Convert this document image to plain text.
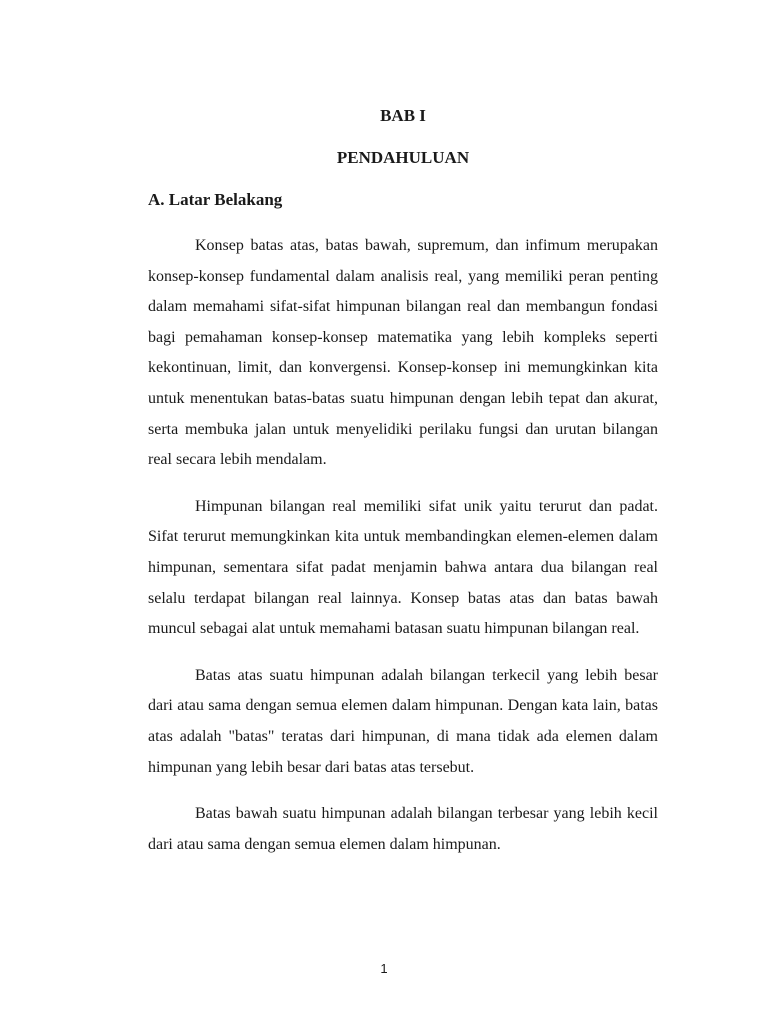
BAB I
PENDAHULUAN
A. Latar Belakang

Konsep batas atas, batas bawah, supremum, dan infimum merupakan konsep-konsep fundamental dalam analisis real, yang memiliki peran penting dalam memahami sifat-sifat himpunan bilangan real dan membangun fondasi bagi pemahaman konsep-konsep matematika yang lebih kompleks seperti kekontinuan, limit, dan konvergensi. Konsep-konsep ini memungkinkan kita untuk menentukan batas-batas suatu himpunan dengan lebih tepat dan akurat, serta membuka jalan untuk menyelidiki perilaku fungsi dan urutan bilangan real secara lebih mendalam.

Himpunan bilangan real memiliki sifat unik yaitu terurut dan padat. Sifat terurut memungkinkan kita untuk membandingkan elemen-elemen dalam himpunan, sementara sifat padat menjamin bahwa antara dua bilangan real selalu terdapat bilangan real lainnya. Konsep batas atas dan batas bawah muncul sebagai alat untuk memahami batasan suatu himpunan bilangan real.

Batas atas suatu himpunan adalah bilangan terkecil yang lebih besar dari atau sama dengan semua elemen dalam himpunan. Dengan kata lain, batas atas adalah "batas" teratas dari himpunan, di mana tidak ada elemen dalam himpunan yang lebih besar dari batas atas tersebut.

Batas bawah suatu himpunan adalah bilangan terbesar yang lebih kecil dari atau sama dengan semua elemen dalam himpunan.

1
